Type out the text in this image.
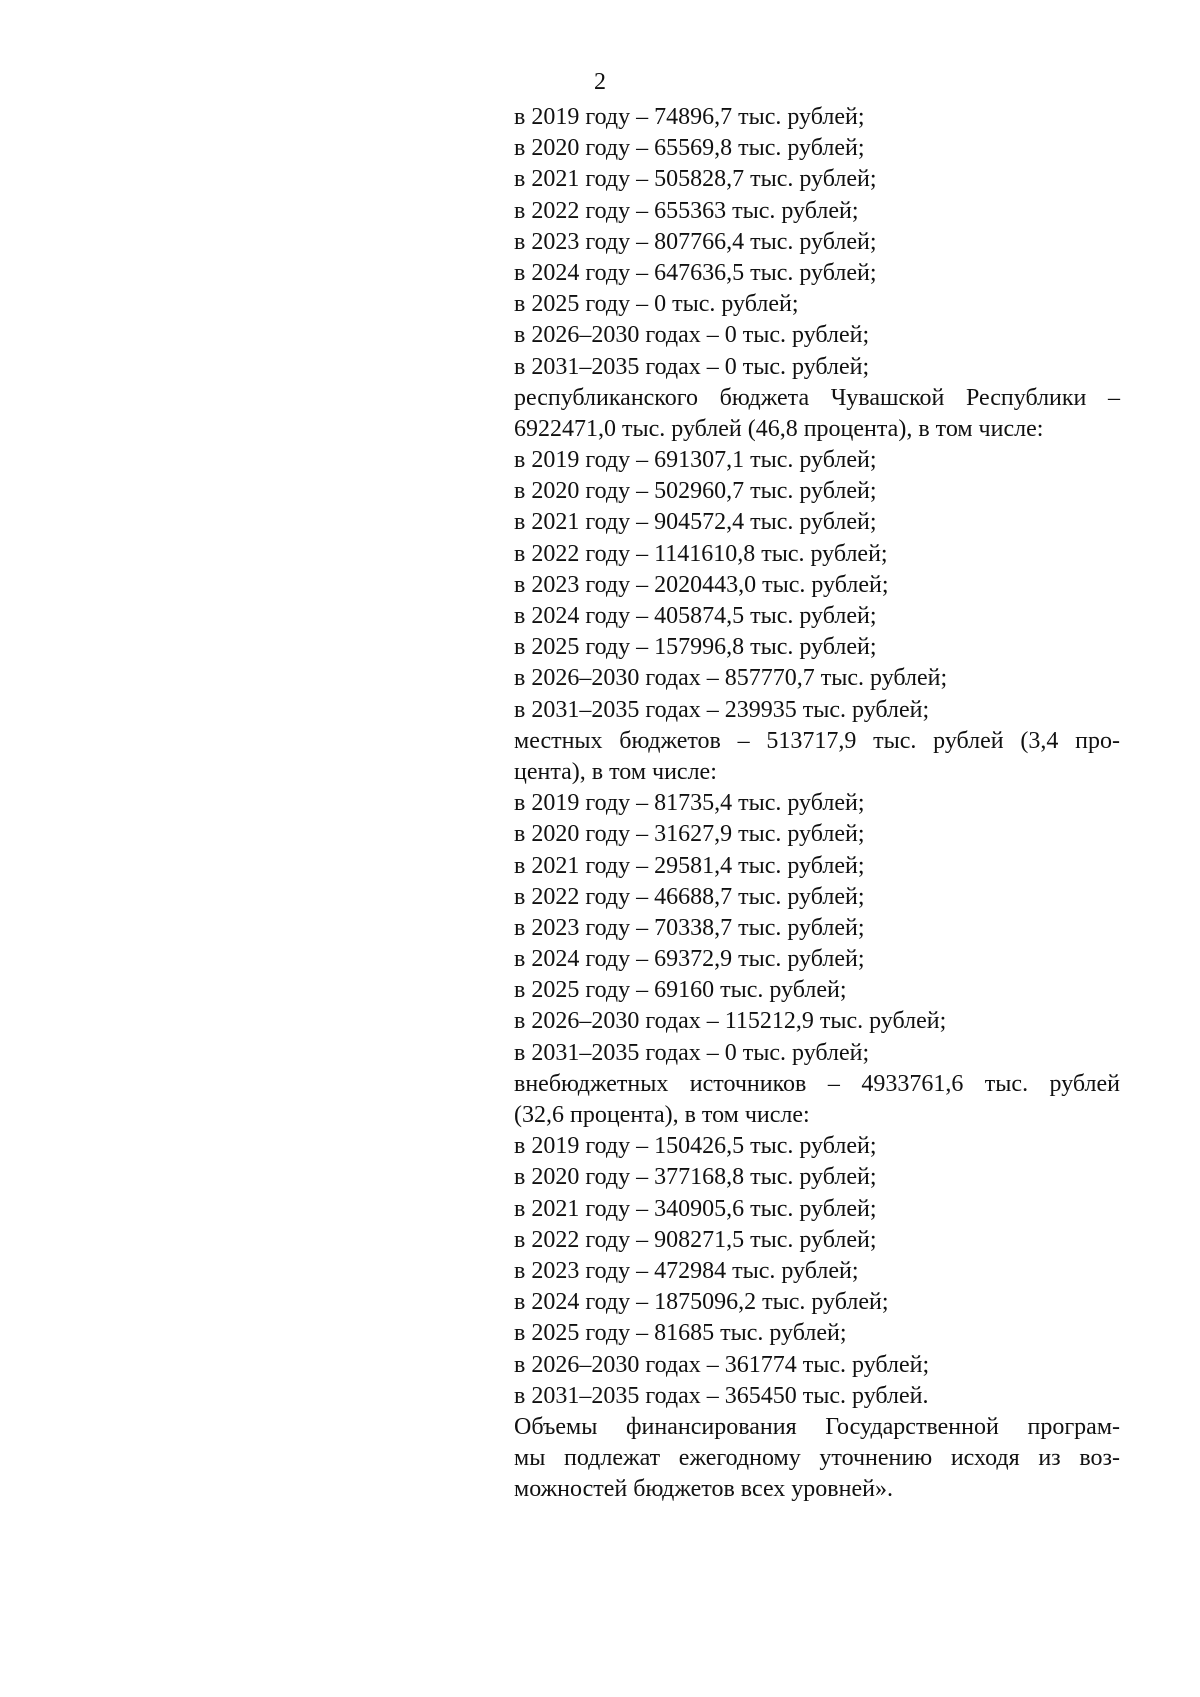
2
в 2019 году – 74896,7 тыс. рублей;
в 2020 году – 65569,8 тыс. рублей;
в 2021 году – 505828,7 тыс. рублей;
в 2022 году – 655363 тыс. рублей;
в 2023 году – 807766,4 тыс. рублей;
в 2024 году – 647636,5 тыс. рублей;
в 2025 году – 0 тыс. рублей;
в 2026–2030 годах – 0 тыс. рублей;
в 2031–2035 годах – 0 тыс. рублей;
республиканского бюджета Чувашской Республики –
6922471,0 тыс. рублей (46,8 процента), в том числе:
в 2019 году – 691307,1 тыс. рублей;
в 2020 году – 502960,7 тыс. рублей;
в 2021 году – 904572,4 тыс. рублей;
в 2022 году – 1141610,8 тыс. рублей;
в 2023 году – 2020443,0 тыс. рублей;
в 2024 году – 405874,5 тыс. рублей;
в 2025 году – 157996,8 тыс. рублей;
в 2026–2030 годах – 857770,7 тыс. рублей;
в 2031–2035 годах – 239935 тыс. рублей;
местных бюджетов – 513717,9 тыс. рублей (3,4 про-
цента), в том числе:
в 2019 году – 81735,4 тыс. рублей;
в 2020 году – 31627,9 тыс. рублей;
в 2021 году – 29581,4 тыс. рублей;
в 2022 году – 46688,7 тыс. рублей;
в 2023 году – 70338,7 тыс. рублей;
в 2024 году – 69372,9 тыс. рублей;
в 2025 году – 69160 тыс. рублей;
в 2026–2030 годах – 115212,9 тыс. рублей;
в 2031–2035 годах – 0 тыс. рублей;
внебюджетных источников – 4933761,6 тыс. рублей
(32,6 процента), в том числе:
в 2019 году – 150426,5 тыс. рублей;
в 2020 году – 377168,8 тыс. рублей;
в 2021 году – 340905,6 тыс. рублей;
в 2022 году – 908271,5 тыс. рублей;
в 2023 году – 472984 тыс. рублей;
в 2024 году – 1875096,2 тыс. рублей;
в 2025 году – 81685 тыс. рублей;
в 2026–2030 годах – 361774 тыс. рублей;
в 2031–2035 годах – 365450 тыс. рублей.
Объемы финансирования Государственной програм-
мы подлежат ежегодному уточнению исходя из воз-
можностей бюджетов всех уровней».
